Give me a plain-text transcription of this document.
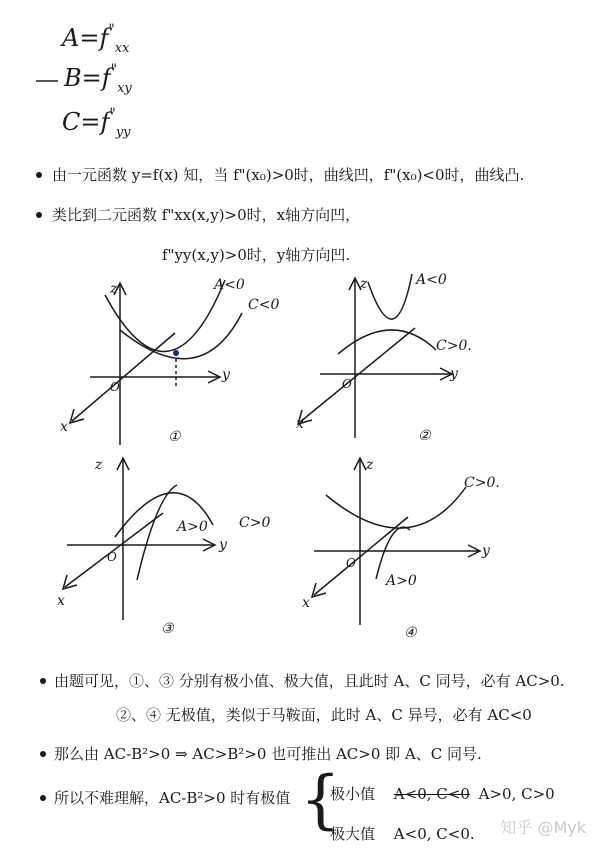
$A=f^"_{xx}$
$B=f^"_{xy}$
$C=f^"_{yy}$
由一元函数 y=f(x) 知，当 f"(x₀)>0时，曲线凹，f"(x₀)<0时，曲线凸.
类比到二元函数 f"xx(x,y)>0时，x轴方向凹，
f"yy(x,y)>0时，y轴方向凹.
z
y
x
O
A<0
C<0
①
z
y
x
O
A<0
C>0.
②
z
y
x
O
A>0 C>0
③
z
y
x
O
C>0.
A>0
④
由题可见，①、③ 分别有极小值、极大值，且此时 A、C 同号，必有 AC>0.
②、④ 无极值，类似于马鞍面，此时 A、C 异号，必有 AC<0
那么由 AC-B²>0 ⇒ AC>B²>0 也可推出 AC>0 即 A、C 同号.
所以不难理解，AC-B²>0 时有极值 {
极小值 A<0, C<0 A>0, C>0
极大值 A<0, C<0. 知乎 @Myk
